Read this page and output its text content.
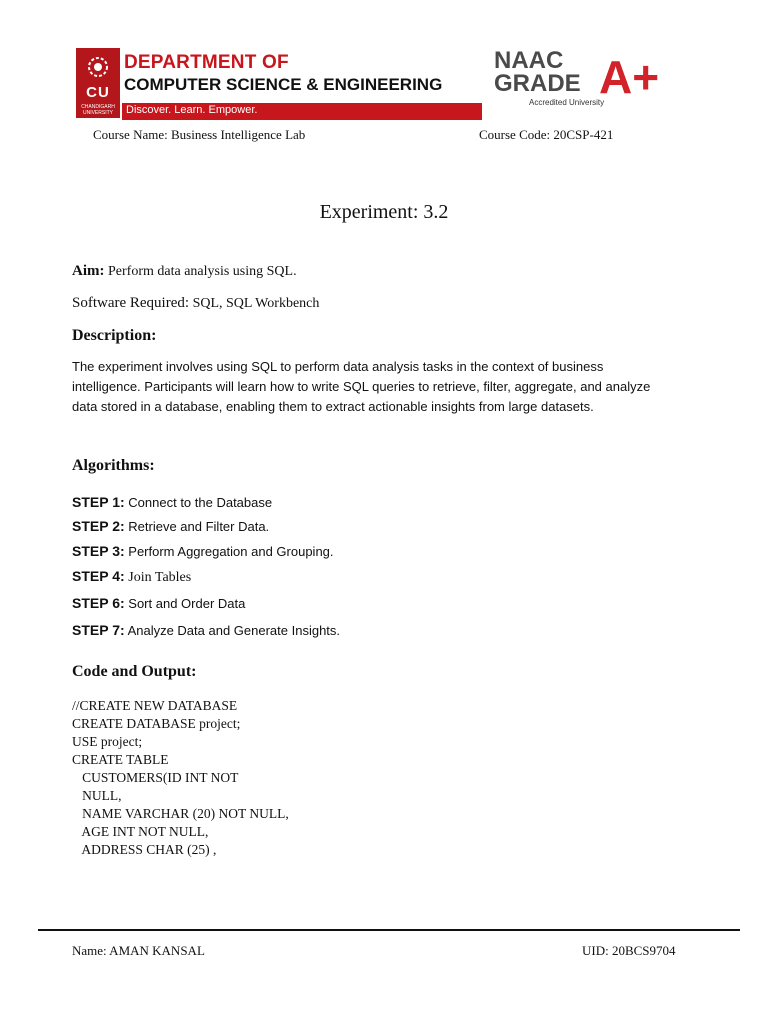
CU
CHANDIGARH UNIVERSITY
DEPARTMENT OF
COMPUTER SCIENCE & ENGINEERING
Discover. Learn. Empower.
NAAC
GRADE A+
Accredited University
Course Name: Business Intelligence Lab	Course Code: 20CSP-421
Experiment: 3.2
Aim: Perform data analysis using SQL.
Software Required: SQL, SQL Workbench
Description:
The experiment involves using SQL to perform data analysis tasks in the context of business intelligence. Participants will learn how to write SQL queries to retrieve, filter, aggregate, and analyze data stored in a database, enabling them to extract actionable insights from large datasets.
Algorithms:
STEP 1: Connect to the Database
STEP 2: Retrieve and Filter Data.
STEP 3: Perform Aggregation and Grouping.
STEP 4: Join Tables
STEP 6: Sort and Order Data
STEP 7: Analyze Data and Generate Insights.
Code and Output:
//CREATE NEW DATABASE
CREATE DATABASE project;
USE project;
CREATE TABLE
CUSTOMERS(ID INT NOT
NULL,
NAME VARCHAR (20) NOT NULL,
AGE INT NOT NULL,
ADDRESS CHAR (25) ,
Name: AMAN KANSAL	UID: 20BCS9704
